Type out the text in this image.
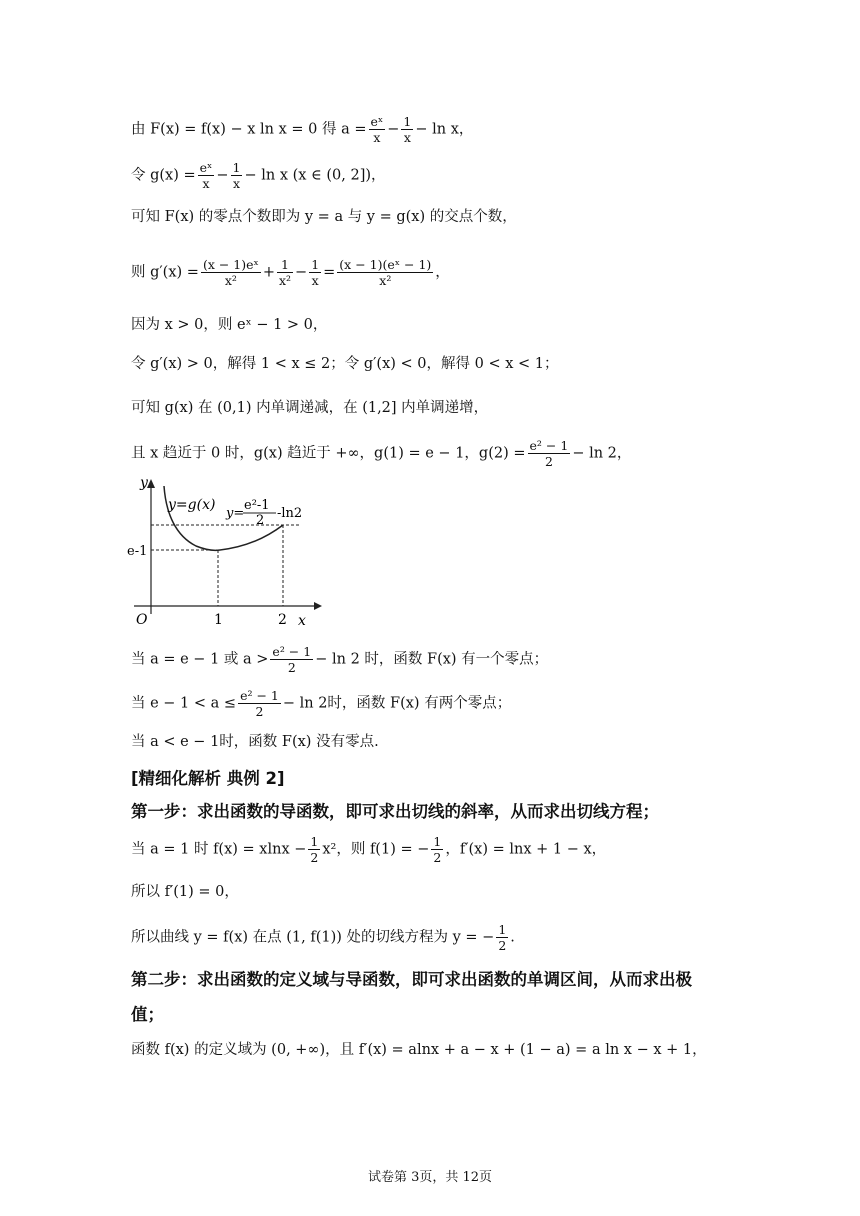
由 F(x) = f(x) − x ln x = 0 得 $a = \frac{\text{eˣ}}{x} - \frac{1}{x} - \ln x$，
令 $g(x) = \frac{\text{eˣ}}{x} - \frac{1}{x} - \ln x$ (x ∈ (0, 2])，
可知 F(x) 的零点个数即为 y = a 与 y = g(x) 的交点个数，
则 $g'(x) = \frac{\text{(x − 1)eˣ}}{\text{x²}} + \frac{1}{\text{x²}} - \frac{1}{x} = \frac{\text{(x − 1)(eˣ − 1)}}{\text{x²}}$ ，
因为 x > 0，则 eˣ − 1 > 0，
令 g′(x) > 0，解得 1 < x ≤ 2；令 g′(x) < 0，解得 0 < x < 1；
可知 g(x) 在 (0,1) 内单调递减，在 (1,2] 内单调递增，
且 x 趋近于 0 时，g(x) 趋近于 +∞，g(1) = e − 1，$g(2) = \frac{\text{e² − 1}}{2} - \ln 2$，
y
x
O	1	2
e-1
y=g(x)
y=
e²-1
2 -ln2
当 a = e − 1 或 $a > \frac{\text{e² − 1}}{2} - \ln 2$ 时，函数 F(x) 有一个零点；
当 $e - 1 < a \le \frac{\text{e² − 1}}{2} - \ln 2$时，函数 F(x) 有两个零点；
当 a < e − 1时，函数 F(x) 没有零点.
[精细化解析 典例 2]
第一步：求出函数的导函数，即可求出切线的斜率，从而求出切线方程；
当 a = 1 时 $f(x) = xlnx - \frac{1}{2} x^2$，则 f(1) = − $\frac{1}{2}$ ，f′(x) = lnx + 1 − x，
所以 f′(1) = 0，
所以曲线 y = f(x) 在点 (1, f(1)) 处的切线方程为 y = − $\frac{1}{2}$ .
第二步：求出函数的定义域与导函数，即可求出函数的单调区间，从而求出极
值；
函数 f(x) 的定义域为 (0, +∞)，且 f′(x) = alnx + a − x + (1 − a) = a ln x − x + 1，
试卷第 3页，共 12页
